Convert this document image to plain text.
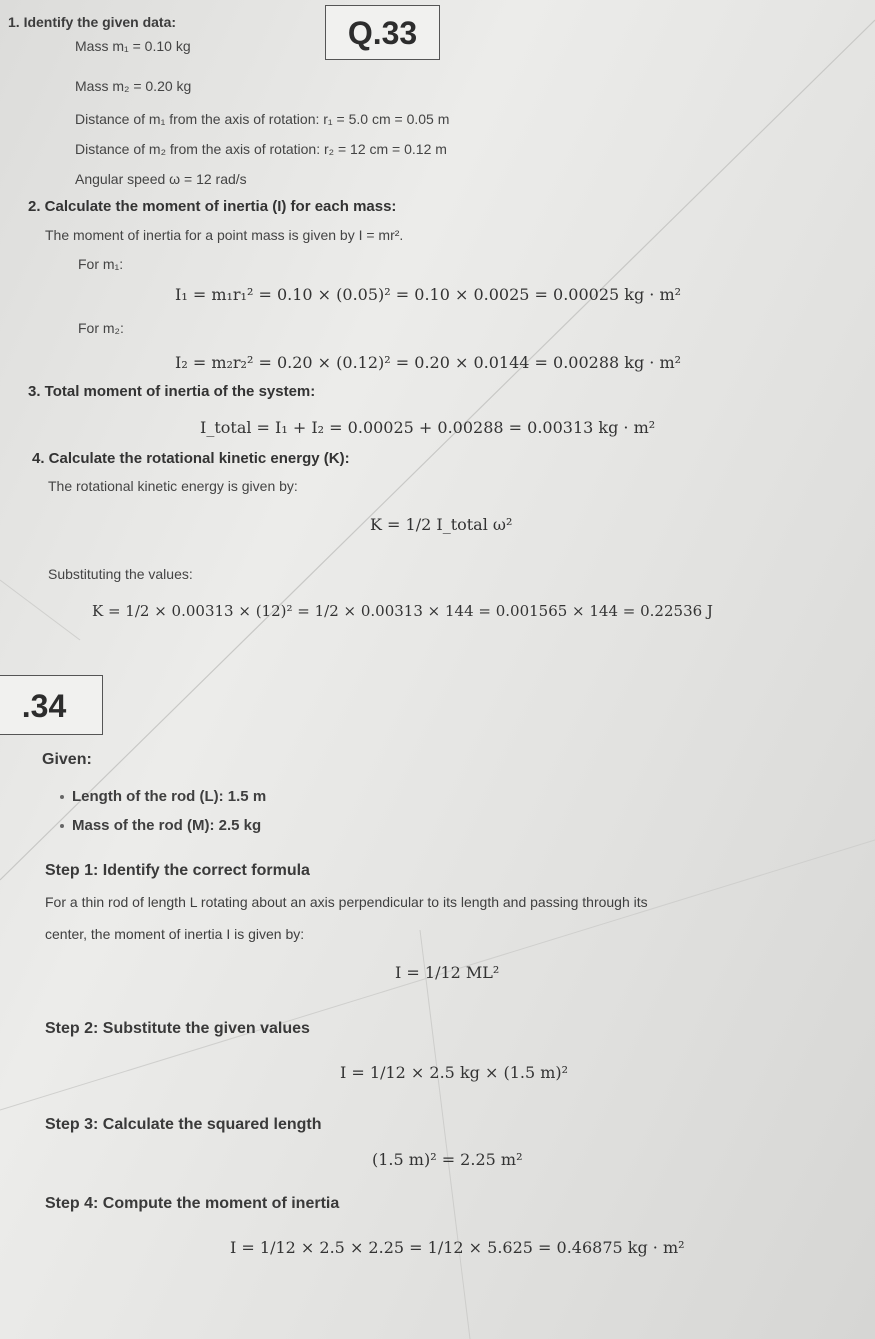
Q.33
1. Identify the given data:
Mass m₁ = 0.10 kg
Mass m₂ = 0.20 kg
Distance of m₁ from the axis of rotation: r₁ = 5.0 cm = 0.05 m
Distance of m₂ from the axis of rotation: r₂ = 12 cm = 0.12 m
Angular speed ω = 12 rad/s
2. Calculate the moment of inertia (I) for each mass:
The moment of inertia for a point mass is given by I = mr².
For m₁:
I₁ = m₁r₁² = 0.10 × (0.05)² = 0.10 × 0.0025 = 0.00025 kg · m²
For m₂:
I₂ = m₂r₂² = 0.20 × (0.12)² = 0.20 × 0.0144 = 0.00288 kg · m²
3. Total moment of inertia of the system:
I_total = I₁ + I₂ = 0.00025 + 0.00288 = 0.00313 kg · m²
4. Calculate the rotational kinetic energy (K):
The rotational kinetic energy is given by:
K = 1/2 I_total ω²
Substituting the values:
K = 1/2 × 0.00313 × (12)² = 1/2 × 0.00313 × 144 = 0.001565 × 144 = 0.22536 J
.34
Given:
Length of the rod (L): 1.5 m
Mass of the rod (M): 2.5 kg
Step 1: Identify the correct formula
For a thin rod of length L rotating about an axis perpendicular to its length and passing through its
center, the moment of inertia I is given by:
I = 1/12 ML²
Step 2: Substitute the given values
I = 1/12 × 2.5 kg × (1.5 m)²
Step 3: Calculate the squared length
(1.5 m)² = 2.25 m²
Step 4: Compute the moment of inertia
I = 1/12 × 2.5 × 2.25 = 1/12 × 5.625 = 0.46875 kg · m²
